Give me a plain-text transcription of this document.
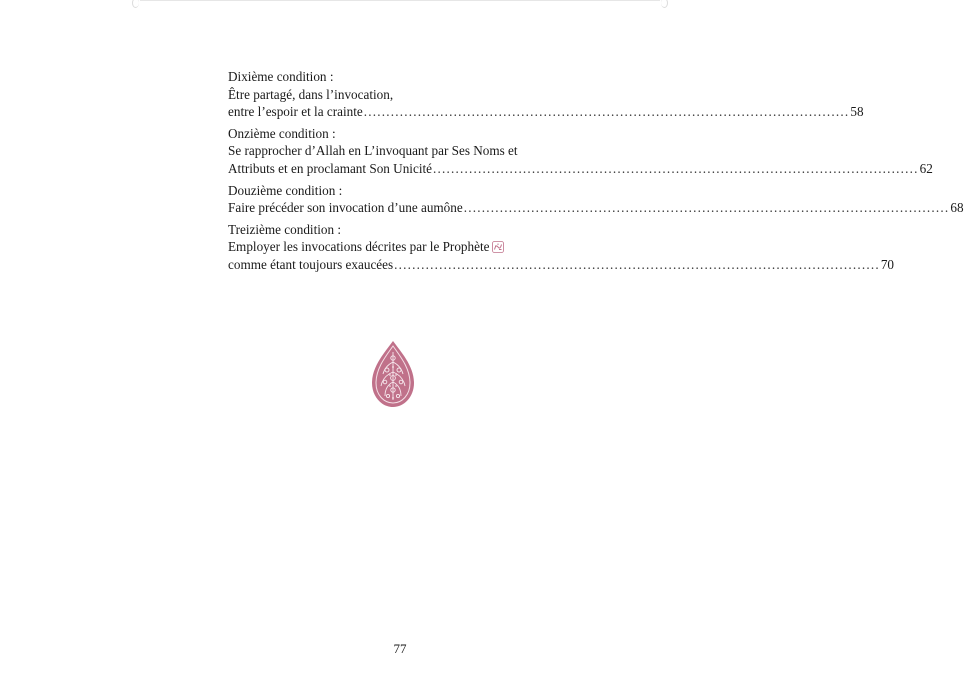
Dixième condition :
Être partagé, dans l’invocation,
entre l’espoir et la crainte ............................................................................................................ 58
Onzième condition :
Se rapprocher d’Allah en L’invoquant par Ses Noms et
Attributs et en proclamant Son Unicité ............................................................................................................ 62
Douzième condition :
Faire précéder son invocation d’une aumône ............................................................................................................ 68
Treizième condition :
Employer les invocations décrites par le Prophète
comme étant toujours exaucées ............................................................................................................ 70
77
